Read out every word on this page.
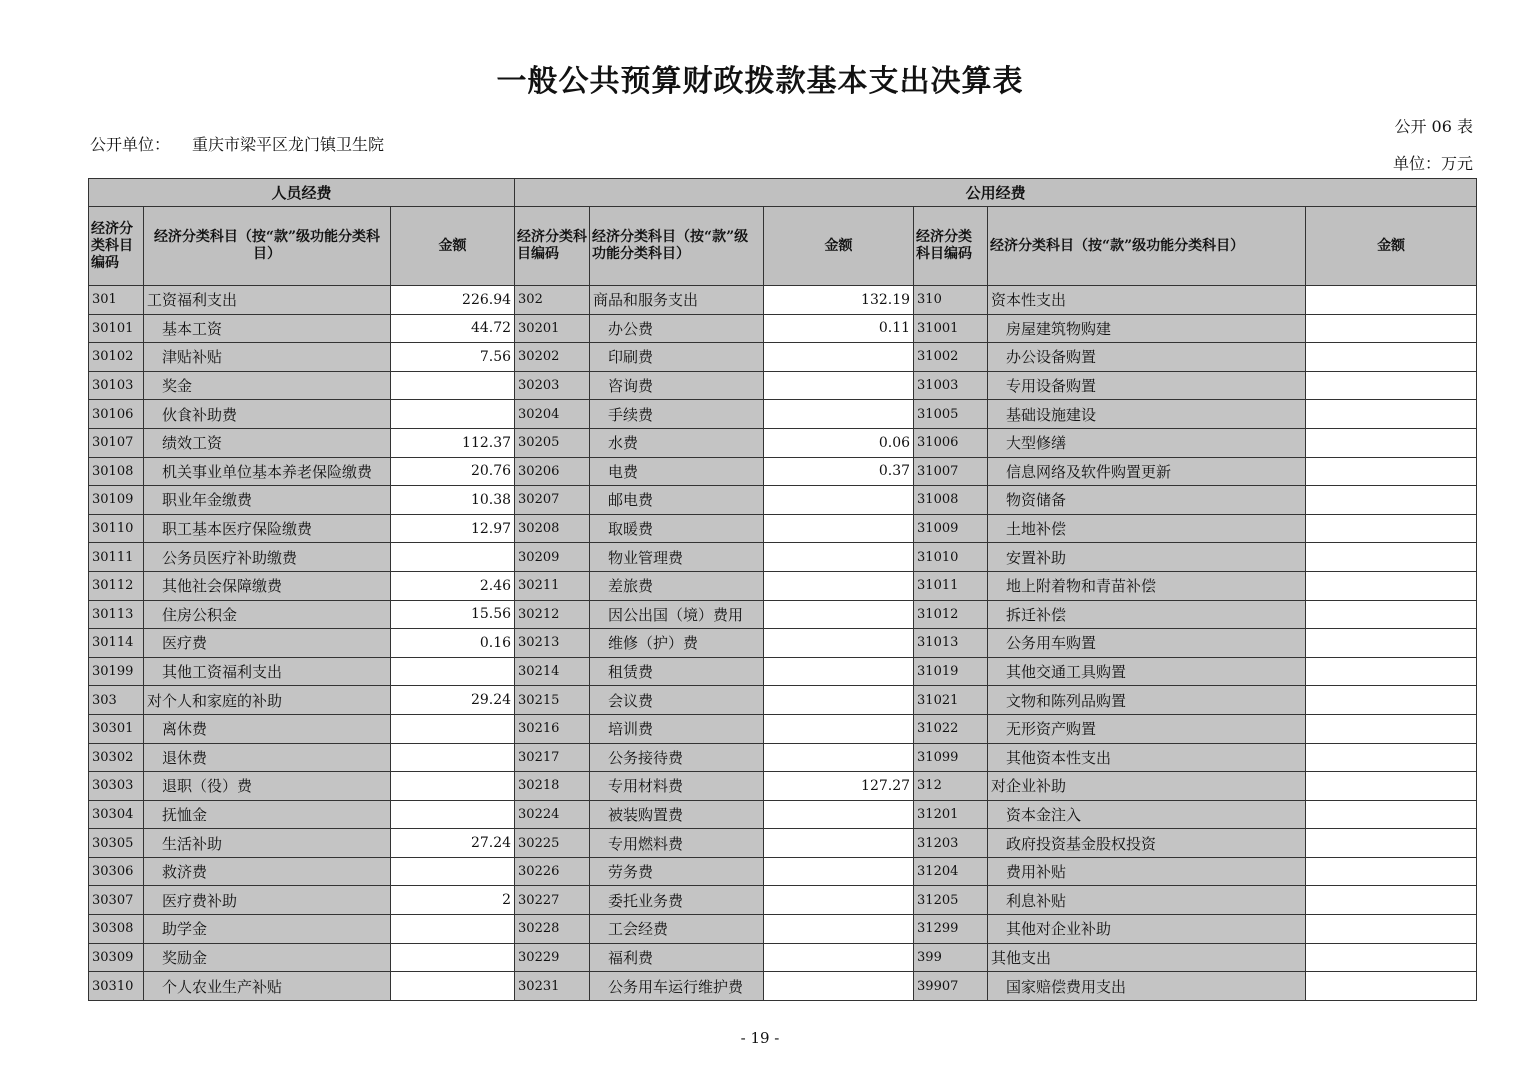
一般公共预算财政拨款基本支出决算表
公开 06 表
公开单位： 重庆市梁平区龙门镇卫生院
单位：万元
人员经费			公用经费					
经济分类科目编码	经济分类科目（按“款”级功能分类科目）	金额	经济分类科目编码	经济分类科目（按“款”级功能分类科目）	金额	经济分类科目编码	经济分类科目（按“款”级功能分类科目）	金额
301	工资福利支出	226.94	302	商品和服务支出	132.19	310	资本性支出	
30101	基本工资	44.72	30201	办公费	0.11	31001	房屋建筑物购建	
30102	津贴补贴	7.56	30202	印刷费		31002	办公设备购置	
30103	奖金		30203	咨询费		31003	专用设备购置	
30106	伙食补助费		30204	手续费		31005	基础设施建设	
30107	绩效工资	112.37	30205	水费	0.06	31006	大型修缮	
30108	机关事业单位基本养老保险缴费	20.76	30206	电费	0.37	31007	信息网络及软件购置更新	
30109	职业年金缴费	10.38	30207	邮电费		31008	物资储备	
30110	职工基本医疗保险缴费	12.97	30208	取暖费		31009	土地补偿	
30111	公务员医疗补助缴费		30209	物业管理费		31010	安置补助	
30112	其他社会保障缴费	2.46	30211	差旅费		31011	地上附着物和青苗补偿	
30113	住房公积金	15.56	30212	因公出国（境）费用		31012	拆迁补偿	
30114	医疗费	0.16	30213	维修（护）费		31013	公务用车购置	
30199	其他工资福利支出		30214	租赁费		31019	其他交通工具购置	
303	对个人和家庭的补助	29.24	30215	会议费		31021	文物和陈列品购置	
30301	离休费		30216	培训费		31022	无形资产购置	
30302	退休费		30217	公务接待费		31099	其他资本性支出	
30303	退职（役）费		30218	专用材料费	127.27	312	对企业补助	
30304	抚恤金		30224	被装购置费		31201	资本金注入	
30305	生活补助	27.24	30225	专用燃料费		31203	政府投资基金股权投资	
30306	救济费		30226	劳务费		31204	费用补贴	
30307	医疗费补助	2	30227	委托业务费		31205	利息补贴	
30308	助学金		30228	工会经费		31299	其他对企业补助	
30309	奖励金		30229	福利费		399	其他支出	
30310	个人农业生产补贴		30231	公务用车运行维护费		39907	国家赔偿费用支出	
- 19 -
